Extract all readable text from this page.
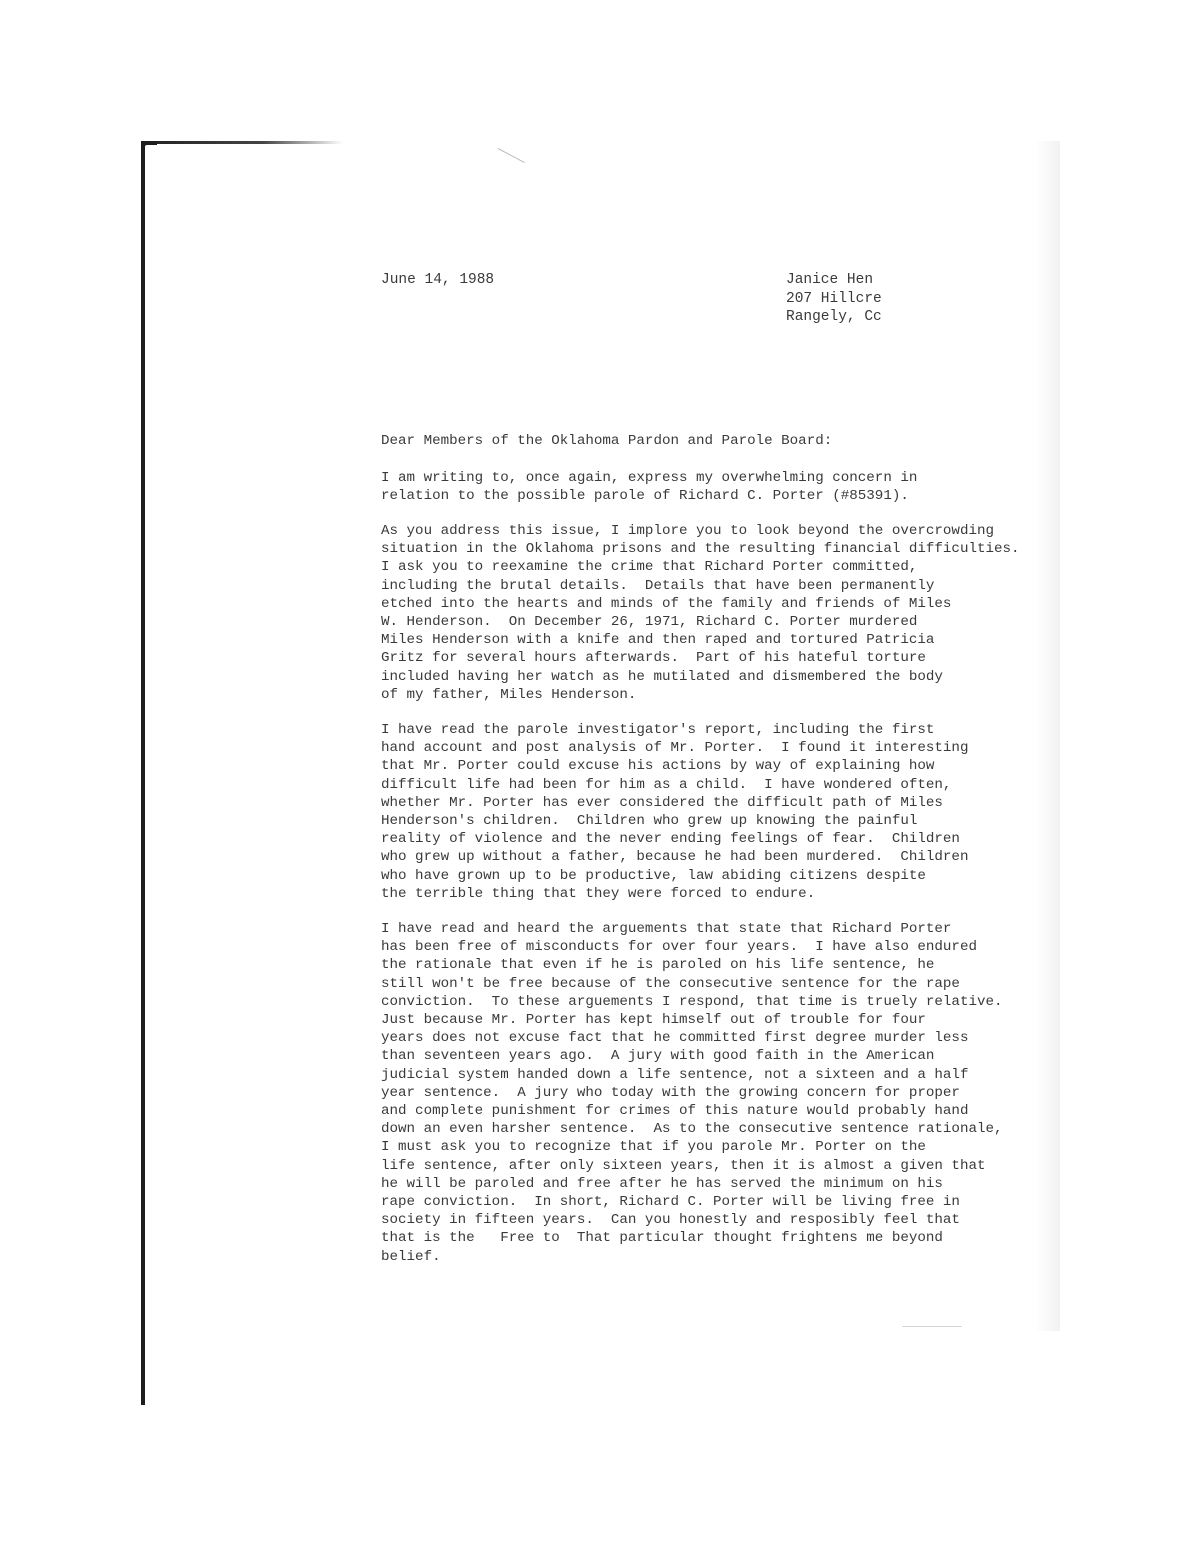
June 14, 1988	Janice Hen
207 Hillcre
Rangely, Cc
Dear Members of the Oklahoma Pardon and Parole Board:
I am writing to, once again, express my overwhelming concern in
relation to the possible parole of Richard C. Porter (#85391).
As you address this issue, I implore you to look beyond the overcrowding
situation in the Oklahoma prisons and the resulting financial difficulties.
I ask you to reexamine the crime that Richard Porter committed,
including the brutal details.  Details that have been permanently
etched into the hearts and minds of the family and friends of Miles
W. Henderson.  On December 26, 1971, Richard C. Porter murdered
Miles Henderson with a knife and then raped and tortured Patricia
Gritz for several hours afterwards.  Part of his hateful torture
included having her watch as he mutilated and dismembered the body
of my father, Miles Henderson.
I have read the parole investigator's report, including the first
hand account and post analysis of Mr. Porter.  I found it interesting
that Mr. Porter could excuse his actions by way of explaining how
difficult life had been for him as a child.  I have wondered often,
whether Mr. Porter has ever considered the difficult path of Miles
Henderson's children.  Children who grew up knowing the painful
reality of violence and the never ending feelings of fear.  Children
who grew up without a father, because he had been murdered.  Children
who have grown up to be productive, law abiding citizens despite
the terrible thing that they were forced to endure.
I have read and heard the arguements that state that Richard Porter
has been free of misconducts for over four years.  I have also endured
the rationale that even if he is paroled on his life sentence, he
still won't be free because of the consecutive sentence for the rape
conviction.  To these arguements I respond, that time is truely relative.
Just because Mr. Porter has kept himself out of trouble for four
years does not excuse fact that he committed first degree murder less
than seventeen years ago.  A jury with good faith in the American
judicial system handed down a life sentence, not a sixteen and a half
year sentence.  A jury who today with the growing concern for proper
and complete punishment for crimes of this nature would probably hand
down an even harsher sentence.  As to the consecutive sentence rationale,
I must ask you to recognize that if you parole Mr. Porter on the
life sentence, after only sixteen years, then it is almost a given that
he will be paroled and free after he has served the minimum on his
rape conviction.  In short, Richard C. Porter will be living free in
society in fifteen years.  Can you honestly and resposibly feel that
that is the   Free to  That particular thought frightens me beyond
belief.
